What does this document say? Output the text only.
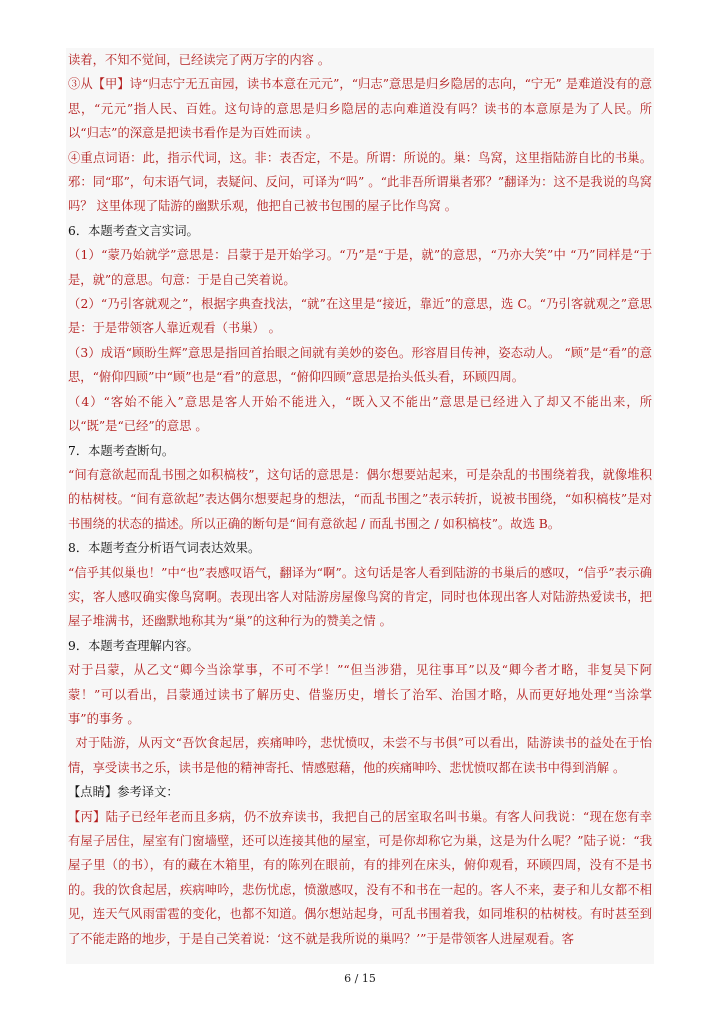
读着，不知不觉间，已经读完了两万字的内容 。

③从【甲】诗“归志宁无五亩园，读书本意在元元”，“归志”意思是归乡隐居的志向，“宁无” 是难道没有的意思，“元元”指人民、百姓。这句诗的意思是归乡隐居的志向难道没有吗？读书的本意原是为了人民。所以“归志”的深意是把读书看作是为百姓而读 。

④重点词语：此，指示代词，这。非：表否定，不是。所谓：所说的。巢：鸟窝，这里指陆游自比的书巢。邪：同“耶”，句末语气词，表疑问、反问，可译为“吗” 。“此非吾所谓巢者邪？”翻译为：这不是我说的鸟窝吗？ 这里体现了陆游的幽默乐观，他把自己被书包围的屋子比作鸟窝 。

6．本题考查文言实词。

（1）“蒙乃始就学”意思是：吕蒙于是开始学习。“乃”是“于是，就”的意思，“乃亦大笑”中 “乃”同样是“于是，就”的意思。句意：于是自己笑着说。

（2）“乃引客就观之”，根据字典查找法，“就”在这里是“接近，靠近”的意思，选 C。“乃引客就观之”意思是：于是带领客人靠近观看（书巢） 。

（3）成语“顾盼生辉”意思是指回首抬眼之间就有美妙的姿色。形容眉目传神，姿态动人。 “顾”是“看”的意思，“俯仰四顾”中“顾”也是“看”的意思，“俯仰四顾”意思是抬头低头看，环顾四周。

（4）“客始不能入”意思是客人开始不能进入，“既入又不能出”意思是已经进入了却又不能出来，所以“既”是“已经”的意思 。

7．本题考查断句。

“间有意欲起而乱书围之如积槁枝”，这句话的意思是：偶尔想要站起来，可是杂乱的书围绕着我，就像堆积的枯树枝。“间有意欲起”表达偶尔想要起身的想法，“而乱书围之”表示转折，说被书围绕，“如积槁枝”是对书围绕的状态的描述。所以正确的断句是“间有意欲起 / 而乱书围之 / 如积槁枝”。故选 B。

8．本题考查分析语气词表达效果。

“信乎其似巢也！”中“也”表感叹语气，翻译为“啊”。这句话是客人看到陆游的书巢后的感叹，“信乎”表示确实，客人感叹确实像鸟窝啊。表现出客人对陆游房屋像鸟窝的肯定，同时也体现出客人对陆游热爱读书，把屋子堆满书，还幽默地称其为“巢”的这种行为的赞美之情 。

9．本题考查理解内容。

对于吕蒙，从乙文“卿今当涂掌事，不可不学！”“但当涉猎，见往事耳”以及“卿今者才略，非复吴下阿蒙！”可以看出，吕蒙通过读书了解历史、借鉴历史，增长了治军、治国才略，从而更好地处理“当涂掌事”的事务 。

对于陆游，从丙文“吾饮食起居，疾痛呻吟，悲忧愤叹，未尝不与书俱”可以看出，陆游读书的益处在于怡情，享受读书之乐，读书是他的精神寄托、情感慰藉，他的疾痛呻吟、悲忧愤叹都在读书中得到消解 。

【点睛】参考译文：

【丙】陆子已经年老而且多病，仍不放弃读书，我把自己的居室取名叫书巢。有客人问我说：“现在您有幸有屋子居住，屋室有门窗墙壁，还可以连接其他的屋室，可是你却称它为巢，这是为什么呢？”陆子说：“我屋子里（的书），有的藏在木箱里，有的陈列在眼前，有的排列在床头，俯仰观看，环顾四周，没有不是书的。我的饮食起居，疾病呻吟，悲伤忧虑，愤激感叹，没有不和书在一起的。客人不来，妻子和儿女都不相见，连天气风雨雷雹的变化，也都不知道。偶尔想站起身，可乱书围着我，如同堆积的枯树枝。有时甚至到了不能走路的地步，于是自己笑着说：‘这不就是我所说的巢吗？’”于是带领客人进屋观看。客

6 / 15
